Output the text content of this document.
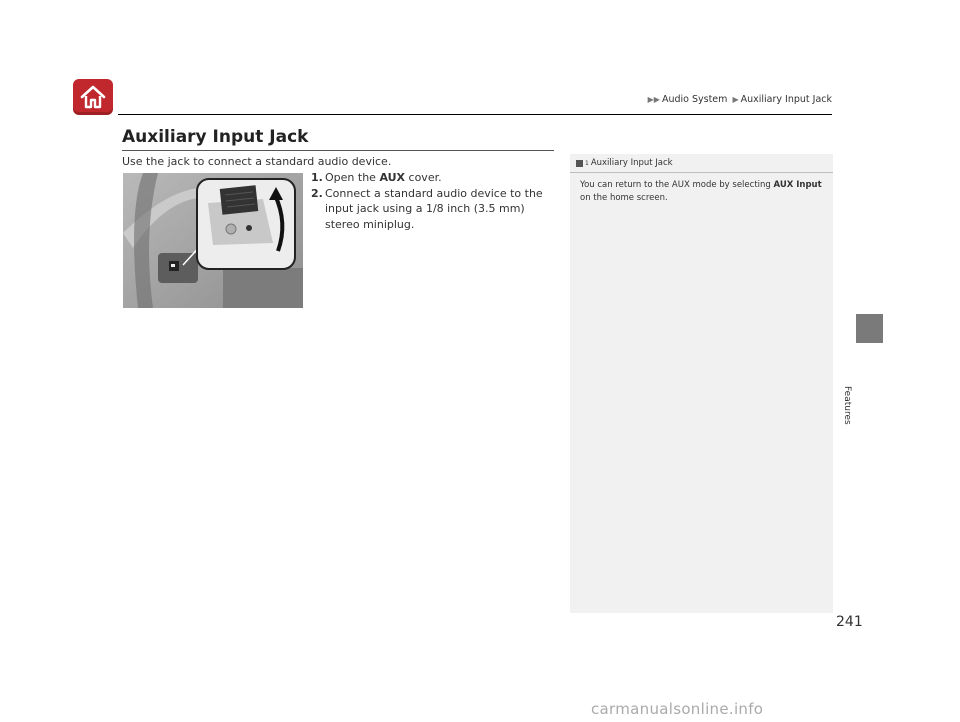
▶▶ Audio System ▶ Auxiliary Input Jack
Auxiliary Input Jack

Use the jack to connect a standard audio device.

1. Open the AUX cover.
2. Connect a standard audio device to the input jack using a 1/8 inch (3.5 mm) stereo miniplug.

1 Auxiliary Input Jack

You can return to the AUX mode by selecting AUX Input on the home screen.

Features
241
carmanualsonline.info
